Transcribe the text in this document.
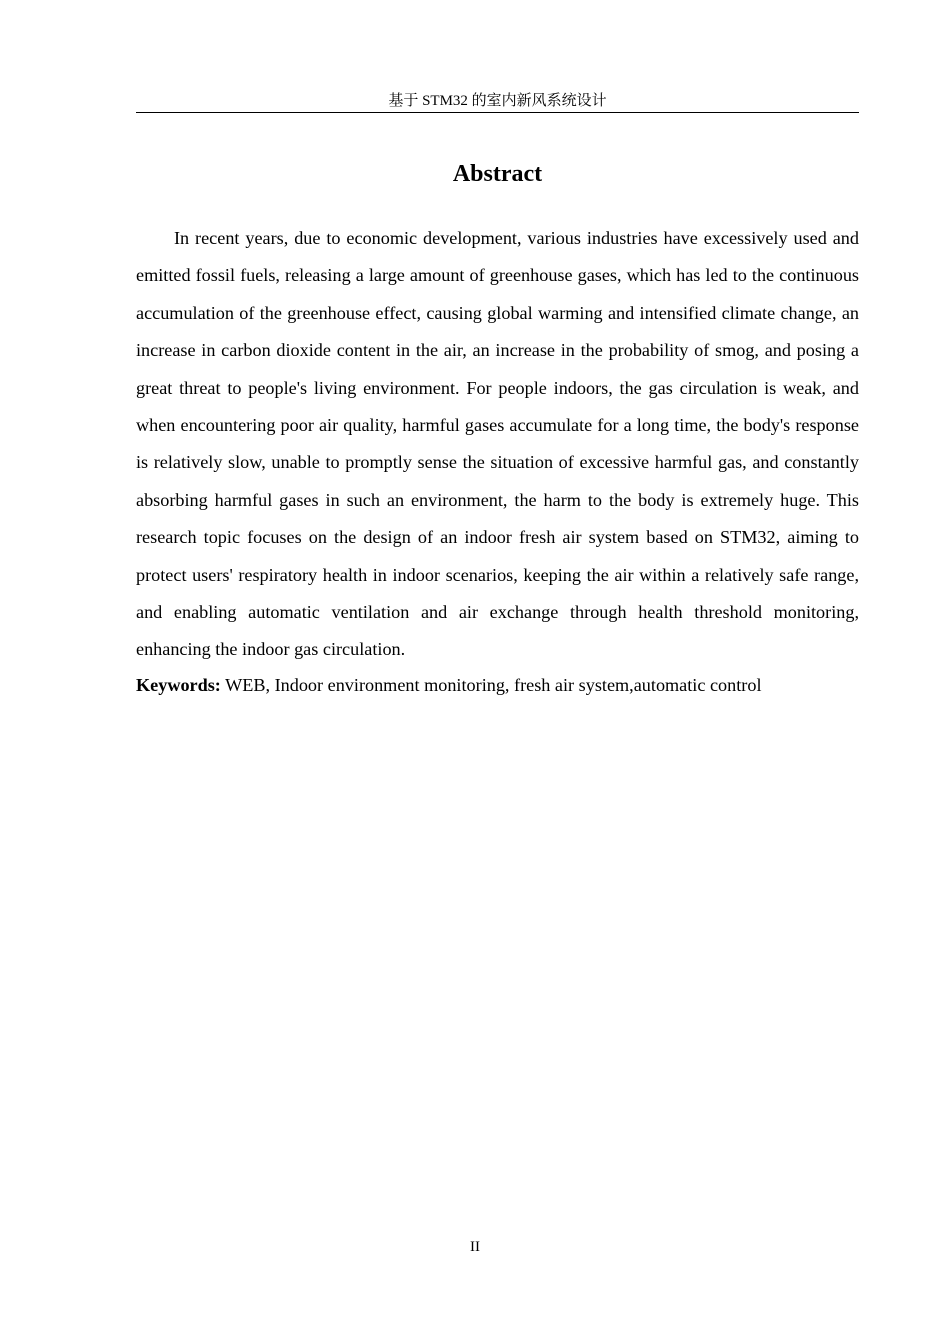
基于 STM32 的室内新风系统设计
Abstract

In recent years, due to economic development, various industries have excessively used and emitted fossil fuels, releasing a large amount of greenhouse gases, which has led to the continuous accumulation of the greenhouse effect, causing global warming and intensified climate change, an increase in carbon dioxide content in the air, an increase in the probability of smog, and posing a great threat to people's living environment. For people indoors, the gas circulation is weak, and when encountering poor air quality, harmful gases accumulate for a long time, the body's response is relatively slow, unable to promptly sense the situation of excessive harmful gas, and constantly absorbing harmful gases in such an environment, the harm to the body is extremely huge. This research topic focuses on the design of an indoor fresh air system based on STM32, aiming to protect users' respiratory health in indoor scenarios, keeping the air within a relatively safe range, and enabling automatic ventilation and air exchange through health threshold monitoring, enhancing the indoor gas circulation.

Keywords: WEB, Indoor environment monitoring, fresh air system,automatic control

II
